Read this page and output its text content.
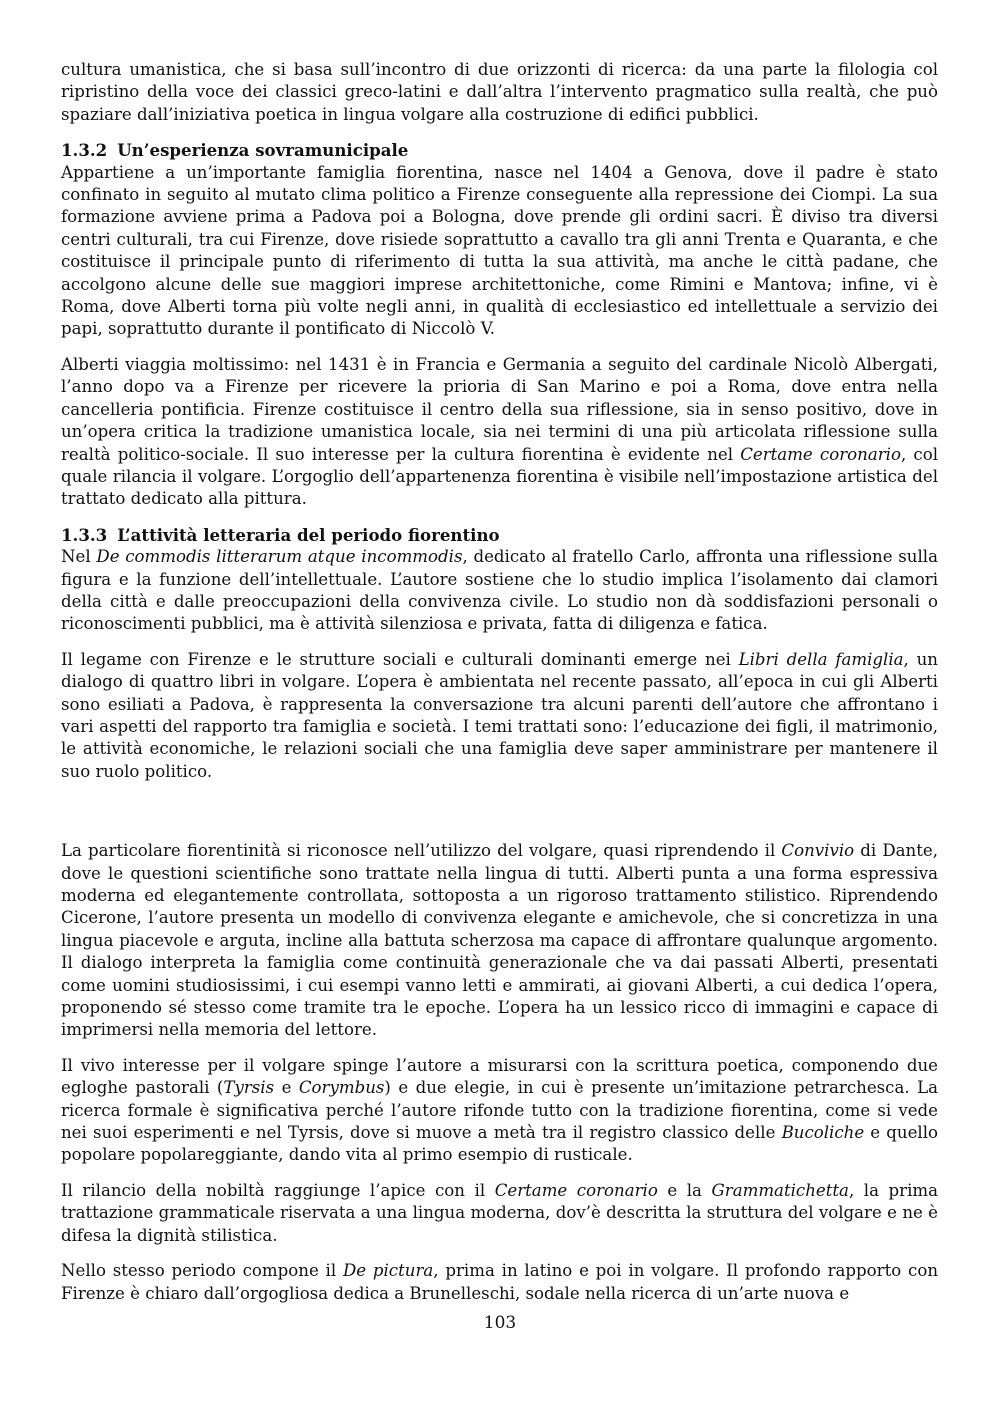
cultura umanistica, che si basa sull’incontro di due orizzonti di ricerca: da una parte la filologia col ripristino della voce dei classici greco-latini e dall’altra l’intervento pragmatico sulla realtà, che può spaziare dall’iniziativa poetica in lingua volgare alla costruzione di edifici pubblici.

1.3.2 Un’esperienza sovramunicipale

Appartiene a un’importante famiglia fiorentina, nasce nel 1404 a Genova, dove il padre è stato confinato in seguito al mutato clima politico a Firenze conseguente alla repressione dei Ciompi. La sua formazione avviene prima a Padova poi a Bologna, dove prende gli ordini sacri. È diviso tra diversi centri culturali, tra cui Firenze, dove risiede soprattutto a cavallo tra gli anni Trenta e Quaranta, e che costituisce il principale punto di riferimento di tutta la sua attività, ma anche le città padane, che accolgono alcune delle sue maggiori imprese architettoniche, come Rimini e Mantova; infine, vi è Roma, dove Alberti torna più volte negli anni, in qualità di ecclesiastico ed intellettuale a servizio dei papi, soprattutto durante il pontificato di Niccolò V.

Alberti viaggia moltissimo: nel 1431 è in Francia e Germania a seguito del cardinale Nicolò Albergati, l’anno dopo va a Firenze per ricevere la prioria di San Marino e poi a Roma, dove entra nella cancelleria pontificia. Firenze costituisce il centro della sua riflessione, sia in senso positivo, dove in un’opera critica la tradizione umanistica locale, sia nei termini di una più articolata riflessione sulla realtà politico-sociale. Il suo interesse per la cultura fiorentina è evidente nel Certame coronario, col quale rilancia il volgare. L’orgoglio dell’appartenenza fiorentina è visibile nell’impostazione artistica del trattato dedicato alla pittura.

1.3.3 L’attività letteraria del periodo fiorentino

Nel De commodis litterarum atque incommodis, dedicato al fratello Carlo, affronta una riflessione sulla figura e la funzione dell’intellettuale. L’autore sostiene che lo studio implica l’isolamento dai clamori della città e dalle preoccupazioni della convivenza civile. Lo studio non dà soddisfazioni personali o riconoscimenti pubblici, ma è attività silenziosa e privata, fatta di diligenza e fatica.

Il legame con Firenze e le strutture sociali e culturali dominanti emerge nei Libri della famiglia, un dialogo di quattro libri in volgare. L’opera è ambientata nel recente passato, all’epoca in cui gli Alberti sono esiliati a Padova, è rappresenta la conversazione tra alcuni parenti dell’autore che affrontano i vari aspetti del rapporto tra famiglia e società. I temi trattati sono: l’educazione dei figli, il matrimonio, le attività economiche, le relazioni sociali che una famiglia deve saper amministrare per mantenere il suo ruolo politico.

La particolare fiorentinità si riconosce nell’utilizzo del volgare, quasi riprendendo il Convivio di Dante, dove le questioni scientifiche sono trattate nella lingua di tutti. Alberti punta a una forma espressiva moderna ed elegantemente controllata, sottoposta a un rigoroso trattamento stilistico. Riprendendo Cicerone, l’autore presenta un modello di convivenza elegante e amichevole, che si concretizza in una lingua piacevole e arguta, incline alla battuta scherzosa ma capace di affrontare qualunque argomento. Il dialogo interpreta la famiglia come continuità generazionale che va dai passati Alberti, presentati come uomini studiosissimi, i cui esempi vanno letti e ammirati, ai giovani Alberti, a cui dedica l’opera, proponendo sé stesso come tramite tra le epoche. L’opera ha un lessico ricco di immagini e capace di imprimersi nella memoria del lettore.

Il vivo interesse per il volgare spinge l’autore a misurarsi con la scrittura poetica, componendo due egloghe pastorali (Tyrsis e Corymbus) e due elegie, in cui è presente un’imitazione petrarchesca. La ricerca formale è significativa perché l’autore rifonde tutto con la tradizione fiorentina, come si vede nei suoi esperimenti e nel Tyrsis, dove si muove a metà tra il registro classico delle Bucoliche e quello popolare popolareggiante, dando vita al primo esempio di rusticale.

Il rilancio della nobiltà raggiunge l’apice con il Certame coronario e la Grammatichetta, la prima trattazione grammaticale riservata a una lingua moderna, dov’è descritta la struttura del volgare e ne è difesa la dignità stilistica.

Nello stesso periodo compone il De pictura, prima in latino e poi in volgare. Il profondo rapporto con Firenze è chiaro dall’orgogliosa dedica a Brunelleschi, sodale nella ricerca di un’arte nuova e

103
